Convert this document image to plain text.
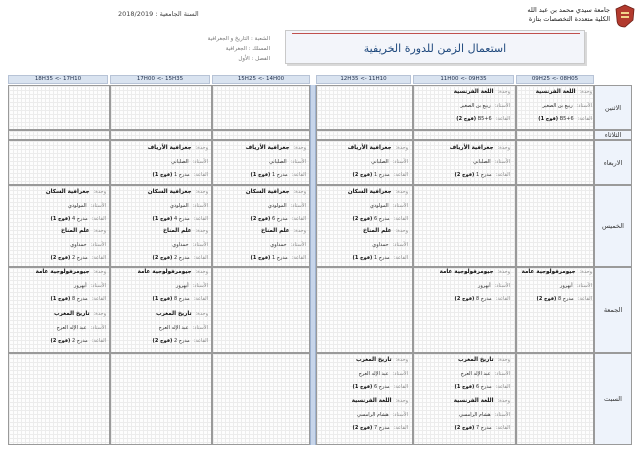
جامعة سيدي محمد بن عبد الله
الكلية متعددة التخصصات بتازة
السنة الجامعية : 2018/2019
الشعبة : التاريخ و الجغرافية
المسلك : الجغرافية
الفصل : الأول
استعمال الزمن للدورة الخريفية
09H25 <- 08H05
11H00 <- 09H35
12H35 <- 11H10
15H25 <- 14H00
17H00 <- 15H35
18H35 <- 17H10
الاثنين
الثلاثاء
الاربعاء
الخميس
الجمعة
السبت
وحدة:اللغة الفرنسية
الأستاذ:ربيع بن الصغير
القاعة:B5+6 (فوج 1)
وحدة:اللغة الفرنسية
الأستاذ:ربيع بن الصغير
القاعة:B5+6 (فوج 2)
وحدة:جغرافية الأرياف
الأستاذ:الصلباني
القاعة:مدرج 1 (فوج 2)
وحدة:جغرافية الأرياف
الأستاذ:الصلباني
القاعة:مدرج 1 (فوج 2)
وحدة:جغرافية الأرياف
الأستاذ:الصلباني
القاعة:مدرج 1 (فوج 1)
وحدة:جغرافية الأرياف
الأستاذ:الصلباني
القاعة:مدرج 1 (فوج 1)
وحدة:جغرافية السكان
الأستاذ:المولودي
القاعة:مدرج 6 (فوج 2)
وحدة:جغرافية السكان
الأستاذ:المولودي
القاعة:مدرج 6 (فوج 2)
وحدة:جغرافية السكان
الأستاذ:المولودي
القاعة:مدرج 4 (فوج 1)
وحدة:جغرافية السكان
الأستاذ:المولودي
القاعة:مدرج 4 (فوج 1)
وحدة:علم المناخ
الأستاذ:حمداوي
القاعة:مدرج 1 (فوج 1)
وحدة:علم المناخ
الأستاذ:حمداوي
القاعة:مدرج 1 (فوج 1)
وحدة:علم المناخ
الأستاذ:حمداوي
القاعة:مدرج 2 (فوج 2)
وحدة:علم المناخ
الأستاذ:حمداوي
القاعة:مدرج 2 (فوج 2)
وحدة:جيومرفولوجية عامة
الأستاذ:أبهرور
القاعة:مدرج 8 (فوج 2)
وحدة:جيومرفولوجية عامة
الأستاذ:أبهرور
القاعة:مدرج 8 (فوج 2)
وحدة:جيومرفولوجية عامة
الأستاذ:أبهرور
القاعة:مدرج 8 (فوج 1)
وحدة:جيومرفولوجية عامة
الأستاذ:أبهرور
القاعة:مدرج 8 (فوج 1)
وحدة:تاريخ المغرب
الأستاذ:عبد الإله العرج
القاعة:مدرج 2 (فوج 2)
وحدة:تاريخ المغرب
الأستاذ:عبد الإله العرج
القاعة:مدرج 2 (فوج 2)
وحدة:تاريخ المغرب
الأستاذ:عبد الإله العرج
القاعة:مدرج 6 (فوج 1)
وحدة:تاريخ المغرب
الأستاذ:عبد الإله العرج
القاعة:مدرج 6 (فوج 1)
وحدة:اللغة الفرنسية
الأستاذ:هشام الرامسي
القاعة:مدرج 7 (فوج 2)
وحدة:اللغة الفرنسية
الأستاذ:هشام الرامسي
القاعة:مدرج 7 (فوج 2)
